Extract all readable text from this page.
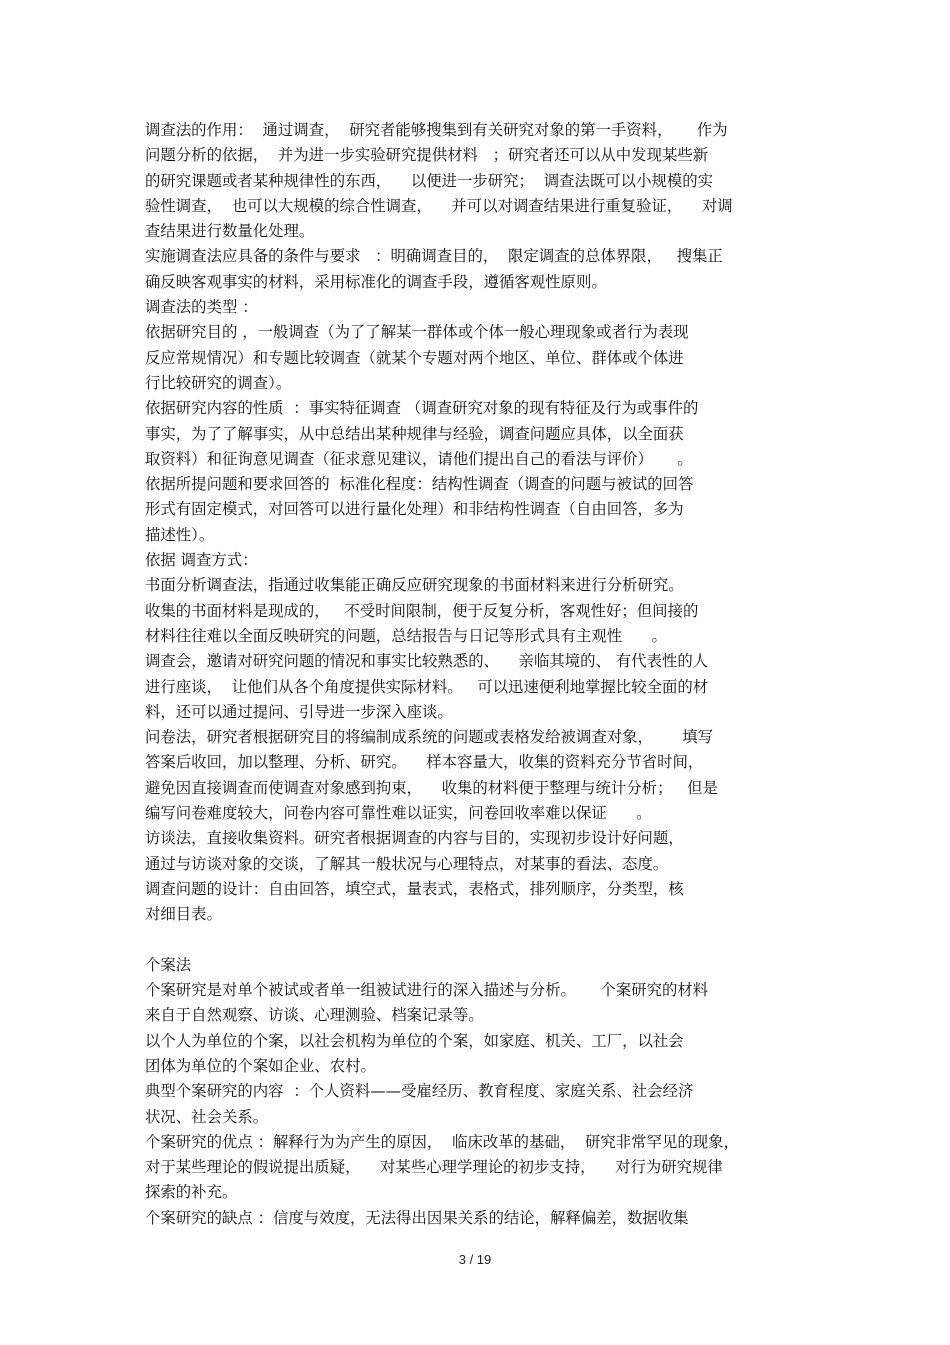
调查法的作用：  通过调查，  研究者能够搜集到有关研究对象的第一手资料，     作为
问题分析的依据，  并为进一步实验研究提供材料   ；研究者还可以从中发现某些新
的研究课题或者某种规律性的东西，    以便进一步研究；  调查法既可以小规模的实
验性调查，  也可以大规模的综合性调查，    并可以对调查结果进行重复验证，    对调
查结果进行数量化处理。
实施调查法应具备的条件与要求   ：明确调查目的，  限定调查的总体界限，   搜集正
确反映客观事实的材料，采用标准化的调查手段，遵循客观性原则。
调查法的类型 ：
依据研究目的 ，一般调查（为了了解某一群体或个体一般心理现象或者行为表现
反应常规情况）和专题比较调查（就某个专题对两个地区、单位、群体或个体进
行比较研究的调查）。
依据研究内容的性质  ：事实特征调查 （调查研究对象的现有特征及行为或事件的
事实，为了了解事实，从中总结出某种规律与经验，调查问题应具体，以全面获
取资料）和征询意见调查（征求意见建议，请他们提出自己的看法与评价）     。
依据所提问题和要求回答的  标准化程度：结构性调查（调查的问题与被试的回答
形式有固定模式，对回答可以进行量化处理）和非结构性调查（自由回答，多为
描述性）。
依据 调查方式：
书面分析调查法，指通过收集能正确反应研究现象的书面材料来进行分析研究。
收集的书面材料是现成的，   不受时间限制，便于反复分析，客观性好；但间接的
材料往往难以全面反映研究的问题，总结报告与日记等形式具有主观性      。
调查会，邀请对研究问题的情况和事实比较熟悉的、    亲临其境的、 有代表性的人
进行座谈，  让他们从各个角度提供实际材料。   可以迅速便利地掌握比较全面的材
料，还可以通过提问、引导进一步深入座谈。
问卷法，研究者根据研究目的将编制成系统的问题或表格发给被调查对象，      填写
答案后收回，加以整理、分析、研究。    样本容量大，收集的资料充分节省时间，
避免因直接调查而使调查对象感到拘束，    收集的材料便于整理与统计分析；   但是
编写问卷难度较大，问卷内容可靠性难以证实，问卷回收率难以保证      。
访谈法，直接收集资料。研究者根据调查的内容与目的，实现初步设计好问题，
通过与访谈对象的交谈，了解其一般状况与心理特点，对某事的看法、态度。
调查问题的设计：自由回答，填空式，量表式，表格式，排列顺序，分类型，核
对细目表。
个案法
个案研究是对单个被试或者单一组被试进行的深入描述与分析。     个案研究的材料
来自于自然观察、访谈、心理测验、档案记录等。
以个人为单位的个案，以社会机构为单位的个案，如家庭、机关、工厂，以社会
团体为单位的个案如企业、农村。
典型个案研究的内容  ：个人资料——受雇经历、教育程度、家庭关系、社会经济
状况、社会关系。
个案研究的优点 ：解释行为为产生的原因，  临床改革的基础，  研究非常罕见的现象，
对于某些理论的假说提出质疑，    对某些心理学理论的初步支持，    对行为研究规律
探索的补充。
个案研究的缺点 ：信度与效度，无法得出因果关系的结论，解释偏差，数据收集
3 / 19
